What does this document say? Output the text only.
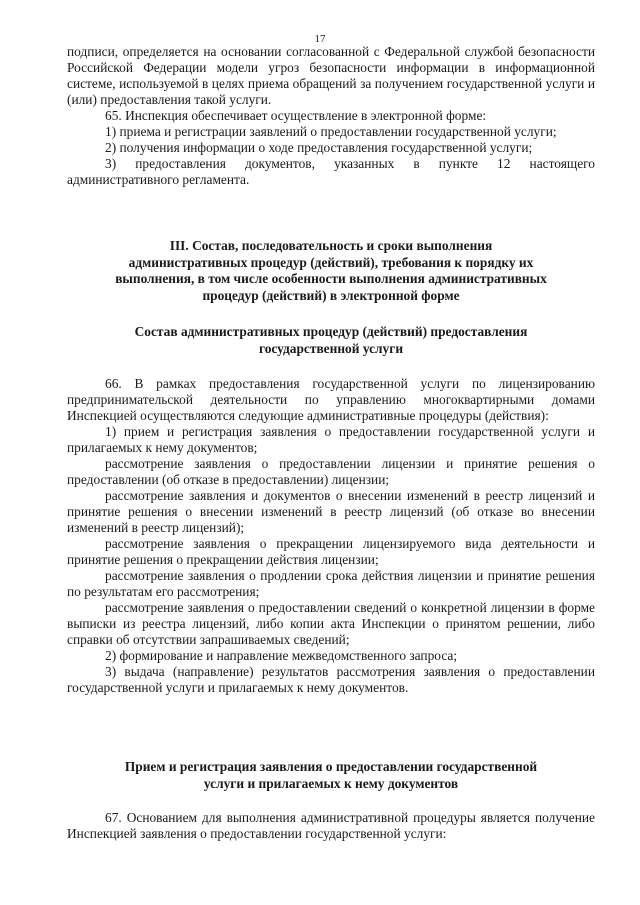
17

подписи, определяется на основании согласованной с Федеральной службой безопасности Российской Федерации модели угроз безопасности информации в информационной системе, используемой в целях приема обращений за получением государственной услуги и (или) предоставления такой услуги.

65. Инспекция обеспечивает осуществление в электронной форме:

1) приема и регистрации заявлений о предоставлении государственной услуги;

2) получения информации о ходе предоставления государственной услуги;

3) предоставления документов, указанных в пункте 12 настоящего административного регламента.

III. Состав, последовательность и сроки выполнения
административных процедур (действий), требования к порядку их
выполнения, в том числе особенности выполнения административных
процедур (действий) в электронной форме
Состав административных процедур (действий) предоставления
государственной услуги

66. В рамках предоставления государственной услуги по лицензированию предпринимательской деятельности по управлению многоквартирными домами Инспекцией осуществляются следующие административные процедуры (действия):

1) прием и регистрация заявления о предоставлении государственной услуги и прилагаемых к нему документов;

рассмотрение заявления о предоставлении лицензии и принятие решения о предоставлении (об отказе в предоставлении) лицензии;

рассмотрение заявления и документов о внесении изменений в реестр лицензий и принятие решения о внесении изменений в реестр лицензий (об отказе во внесении изменений в реестр лицензий);

рассмотрение заявления о прекращении лицензируемого вида деятельности и принятие решения о прекращении действия лицензии;

рассмотрение заявления о продлении срока действия лицензии и принятие решения по результатам его рассмотрения;

рассмотрение заявления о предоставлении сведений о конкретной лицензии в форме выписки из реестра лицензий, либо копии акта Инспекции о принятом решении, либо справки об отсутствии запрашиваемых сведений;

2) формирование и направление межведомственного запроса;

3) выдача (направление) результатов рассмотрения заявления о предоставлении государственной услуги и прилагаемых к нему документов.

Прием и регистрация заявления о предоставлении государственной
услуги и прилагаемых к нему документов

67. Основанием для выполнения административной процедуры является получение Инспекцией заявления о предоставлении государственной услуги:
